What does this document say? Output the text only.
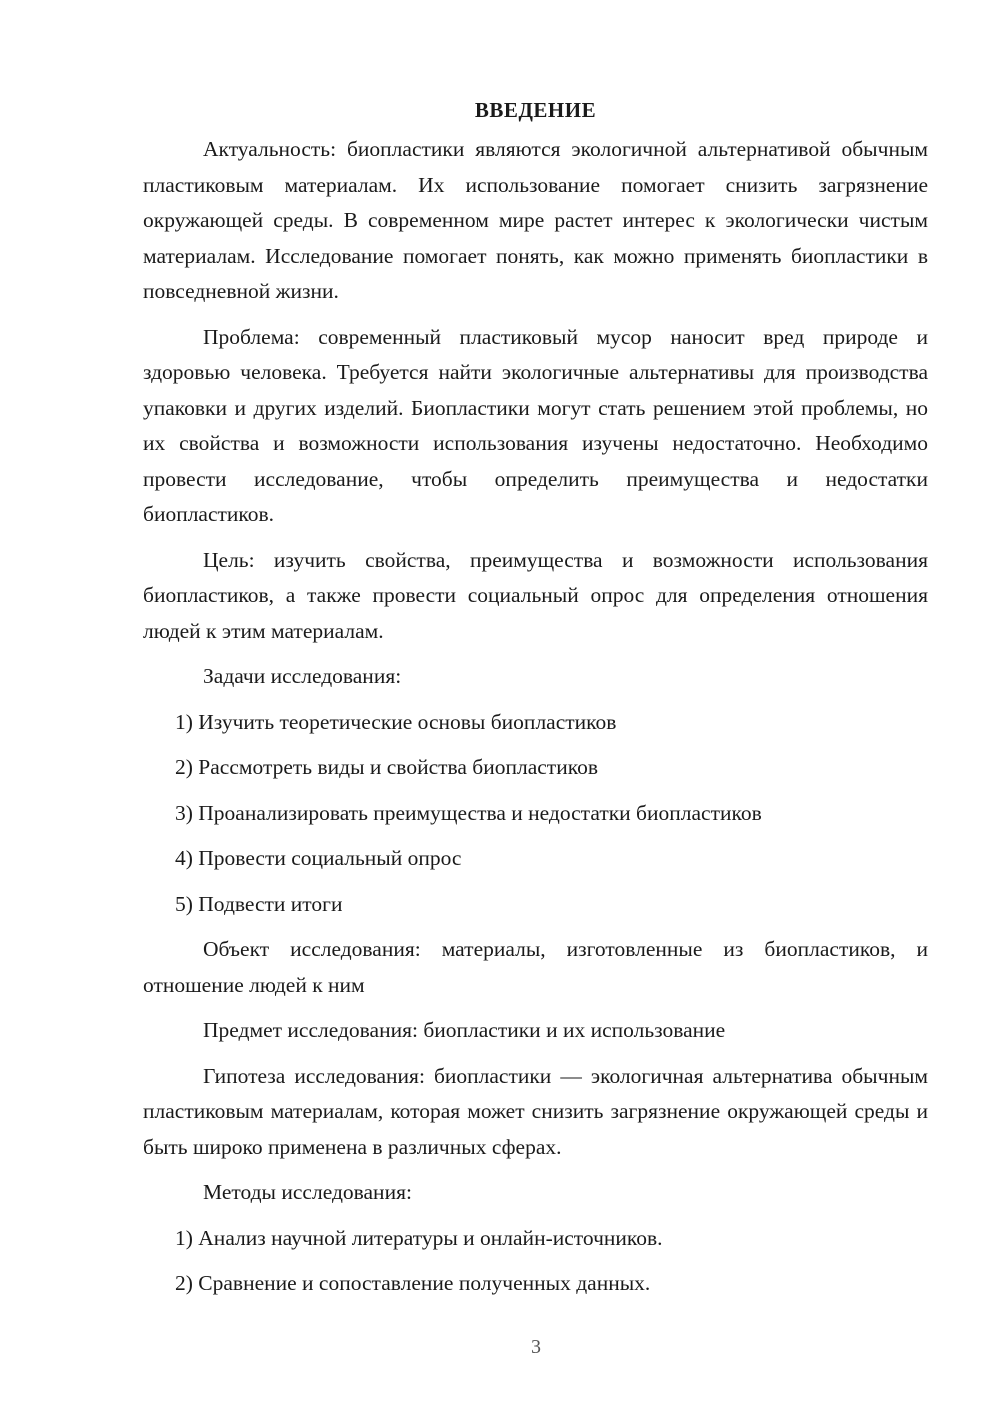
ВВЕДЕНИЕ

Актуальность: биопластики являются экологичной альтернативой обычным пластиковым материалам. Их использование помогает снизить загрязнение окружающей среды. В современном мире растет интерес к экологически чистым материалам. Исследование помогает понять, как можно применять биопластики в повседневной жизни.

Проблема: современный пластиковый мусор наносит вред природе и здоровью человека. Требуется найти экологичные альтернативы для производства упаковки и других изделий. Биопластики могут стать решением этой проблемы, но их свойства и возможности использования изучены недостаточно. Необходимо провести исследование, чтобы определить преимущества и недостатки биопластиков.

Цель: изучить свойства, преимущества и возможности использования биопластиков, а также провести социальный опрос для определения отношения людей к этим материалам.

Задачи исследования:

1) Изучить теоретические основы биопластиков
2) Рассмотреть виды и свойства биопластиков
3) Проанализировать преимущества и недостатки биопластиков
4) Провести социальный опрос
5) Подвести итоги

Объект исследования: материалы, изготовленные из биопластиков, и отношение людей к ним

Предмет исследования: биопластики и их использование

Гипотеза исследования: биопластики — экологичная альтернатива обычным пластиковым материалам, которая может снизить загрязнение окружающей среды и быть широко применена в различных сферах.

Методы исследования:

1) Анализ научной литературы и онлайн-источников.
2) Сравнение и сопоставление полученных данных.
3
